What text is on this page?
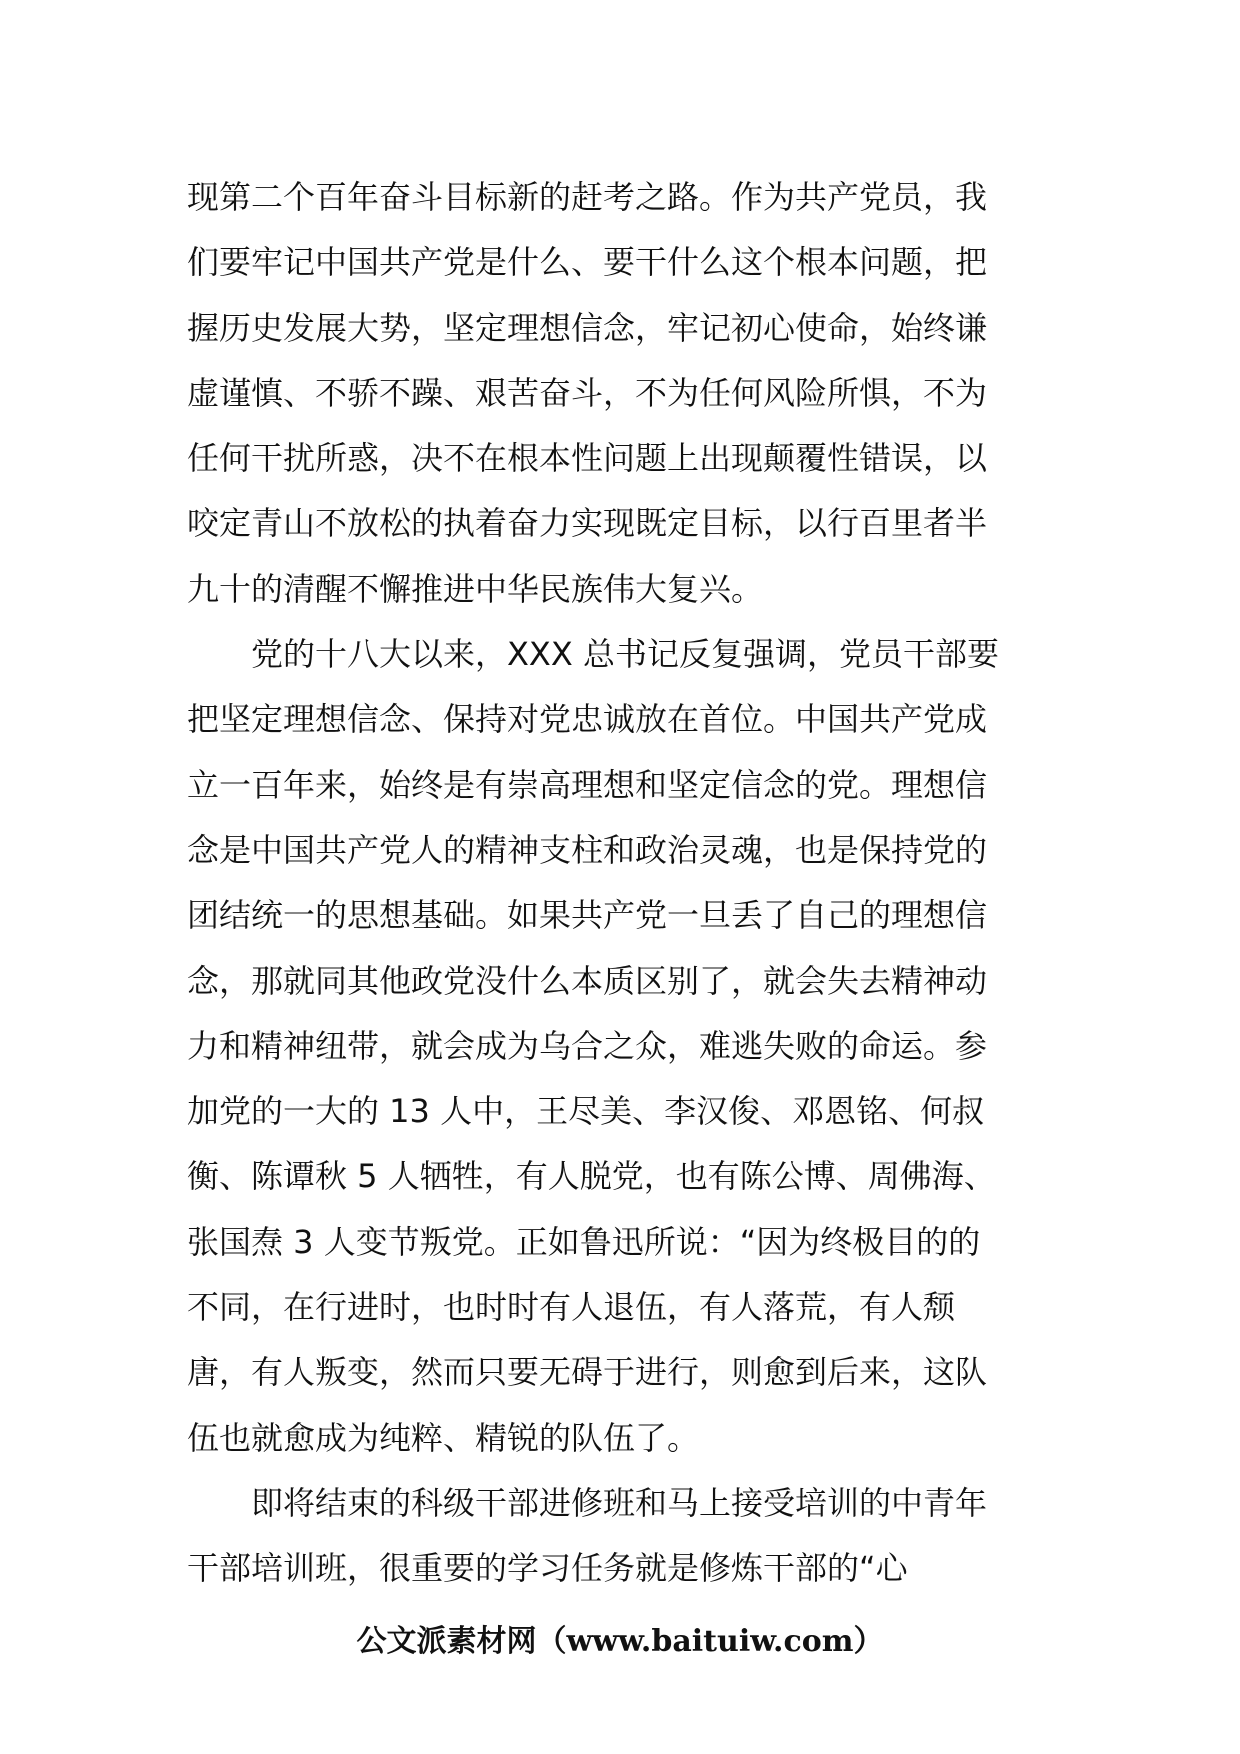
现第二个百年奋斗目标新的赶考之路。作为共产党员，我
们要牢记中国共产党是什么、要干什么这个根本问题，把
握历史发展大势，坚定理想信念，牢记初心使命，始终谦
虚谨慎、不骄不躁、艰苦奋斗，不为任何风险所惧，不为
任何干扰所惑，决不在根本性问题上出现颠覆性错误，以
咬定青山不放松的执着奋力实现既定目标，以行百里者半
九十的清醒不懈推进中华民族伟大复兴。
　　党的十八大以来，XXX 总书记反复强调，党员干部要
把坚定理想信念、保持对党忠诚放在首位。中国共产党成
立一百年来，始终是有崇高理想和坚定信念的党。理想信
念是中国共产党人的精神支柱和政治灵魂，也是保持党的
团结统一的思想基础。如果共产党一旦丢了自己的理想信
念，那就同其他政党没什么本质区别了，就会失去精神动
力和精神纽带，就会成为乌合之众，难逃失败的命运。参
加党的一大的 13 人中，王尽美、李汉俊、邓恩铭、何叔
衡、陈谭秋 5 人牺牲，有人脱党，也有陈公博、周佛海、
张国焘 3 人变节叛党。正如鲁迅所说：“因为终极目的的
不同，在行进时，也时时有人退伍，有人落荒，有人颓
唐，有人叛变，然而只要无碍于进行，则愈到后来，这队
伍也就愈成为纯粹、精锐的队伍了。
　　即将结束的科级干部进修班和马上接受培训的中青年
干部培训班，很重要的学习任务就是修炼干部的“心
公文派素材网（www.baituiw.com）
